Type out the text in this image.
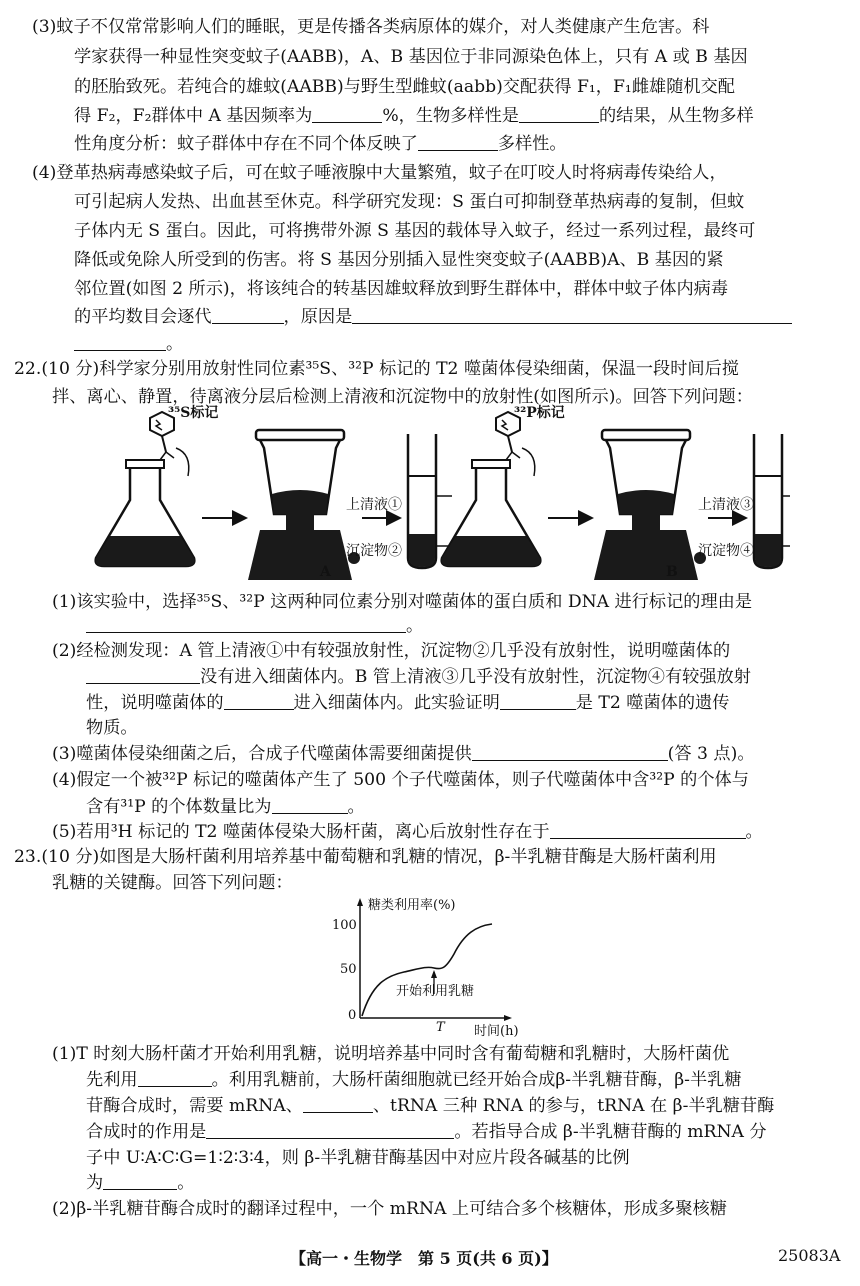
(3)蚊子不仅常常影响人们的睡眠，更是传播各类病原体的媒介，对人类健康产生危害。科
学家获得一种显性突变蚊子(AABB)，A、B 基因位于非同源染色体上，只有 A 或 B 基因
的胚胎致死。若纯合的雄蚊(AABB)与野生型雌蚊(aabb)交配获得 F₁，F₁雌雄随机交配
得 F₂，F₂群体中 A 基因频率为	%，生物多样性是	的结果，从生物多样
性角度分析：蚊子群体中存在不同个体反映了	多样性。
(4)登革热病毒感染蚊子后，可在蚊子唾液腺中大量繁殖，蚊子在叮咬人时将病毒传染给人，
可引起病人发热、出血甚至休克。科学研究发现：S 蛋白可抑制登革热病毒的复制，但蚊
子体内无 S 蛋白。因此，可将携带外源 S 基因的载体导入蚊子，经过一系列过程，最终可
降低或免除人所受到的伤害。将 S 基因分别插入显性突变蚊子(AABB)A、B 基因的紧
邻位置(如图 2 所示)，将该纯合的转基因雄蚊释放到野生群体中，群体中蚊子体内病毒
的平均数目会逐代	，原因是
。
22.(10 分)科学家分别用放射性同位素³⁵S、³²P 标记的 T2 噬菌体侵染细菌，保温一段时间后搅
拌、离心、静置，待离液分层后检测上清液和沉淀物中的放射性(如图所示)。回答下列问题：
³⁵S标记	³²P标记
上清液①
沉淀物②
上清液③
沉淀物④
A	B
(1)该实验中，选择³⁵S、³²P 这两种同位素分别对噬菌体的蛋白质和 DNA 进行标记的理由是
。
(2)经检测发现：A 管上清液①中有较强放射性，沉淀物②几乎没有放射性，说明噬菌体的
没有进入细菌体内。B 管上清液③几乎没有放射性，沉淀物④有较强放射
性，说明噬菌体的	进入细菌体内。此实验证明	是 T2 噬菌体的遗传
物质。
(3)噬菌体侵染细菌之后，合成子代噬菌体需要细菌提供	(答 3 点)。
(4)假定一个被³²P 标记的噬菌体产生了 500 个子代噬菌体，则子代噬菌体中含³²P 的个体与
含有³¹P 的个体数量比为	。
(5)若用³H 标记的 T2 噬菌体侵染大肠杆菌，离心后放射性存在于	。
23.(10 分)如图是大肠杆菌利用培养基中葡萄糖和乳糖的情况，β-半乳糖苷酶是大肠杆菌利用
乳糖的关键酶。回答下列问题：
糖类利用率(%)
100
50
0
开始利用乳糖
T 时间(h)
(1)T 时刻大肠杆菌才开始利用乳糖，说明培养基中同时含有葡萄糖和乳糖时，大肠杆菌优
先利用	。利用乳糖前，大肠杆菌细胞就已经开始合成β-半乳糖苷酶，β-半乳糖
苷酶合成时，需要 mRNA、	、tRNA 三种 RNA 的参与，tRNA 在 β-半乳糖苷酶
合成时的作用是	。若指导合成 β-半乳糖苷酶的 mRNA 分
子中 U∶A∶C∶G=1∶2∶3∶4，则 β-半乳糖苷酶基因中对应片段各碱基的比例
为	。
(2)β-半乳糖苷酶合成时的翻译过程中，一个 mRNA 上可结合多个核糖体，形成多聚核糖
【高一・生物学　第 5 页(共 6 页)】	25083A
